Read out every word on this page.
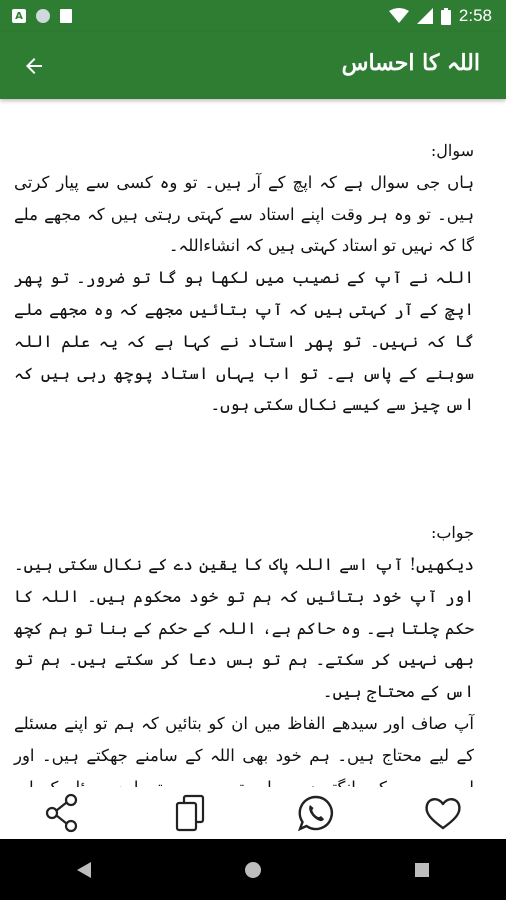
A	2:58
اللہ کا احساس

سوال:

ہاں جی سوال ہے کہ اپچ کے آر ہیں۔ تو وہ کسی سے پیار کرتی ہیں۔ تو وہ ہر وقت اپنے استاد سے کہتی رہتی ہیں کہ مجھے ملے گا کہ نہیں تو استاد کہتی ہیں کہ انشاءاللہ۔

اللہ نے آپ کے نصیب میں لکھا ہو گا تو ضرور۔ تو پھر اپچ کے آر کہتی ہیں کہ آپ بتائیں مجھے کہ وہ مجھے ملے گا کہ نہیں۔ تو پھر استاد نے کہا ہے کہ یہ علم اللہ سوہنے کے پاس ہے۔ تو اب یہاں استاد پوچھ رہی ہیں کہ اس چیز سے کیسے نکال سکتی ہوں۔

جواب:

دیکھیں! آپ اسے اللہ پاک کا یقین دے کے نکال سکتی ہیں۔ اور آپ خود بتائیں کہ ہم تو خود محکوم ہیں۔ اللہ کا حکم چلتا ہے۔ وہ حاکم ہے، اللہ کے حکم کے بنا تو ہم کچھ بھی نہیں کر سکتے۔ ہم تو بس دعا کر سکتے ہیں۔ ہم تو اس کے محتاج ہیں۔

آپ صاف اور سیدھے الفاظ میں ان کو بتائیں کہ ہم تو اپنے مسئلے کے لیے محتاج ہیں۔ ہم خود بھی اللہ کے سامنے جھکتے ہیں۔ اور
